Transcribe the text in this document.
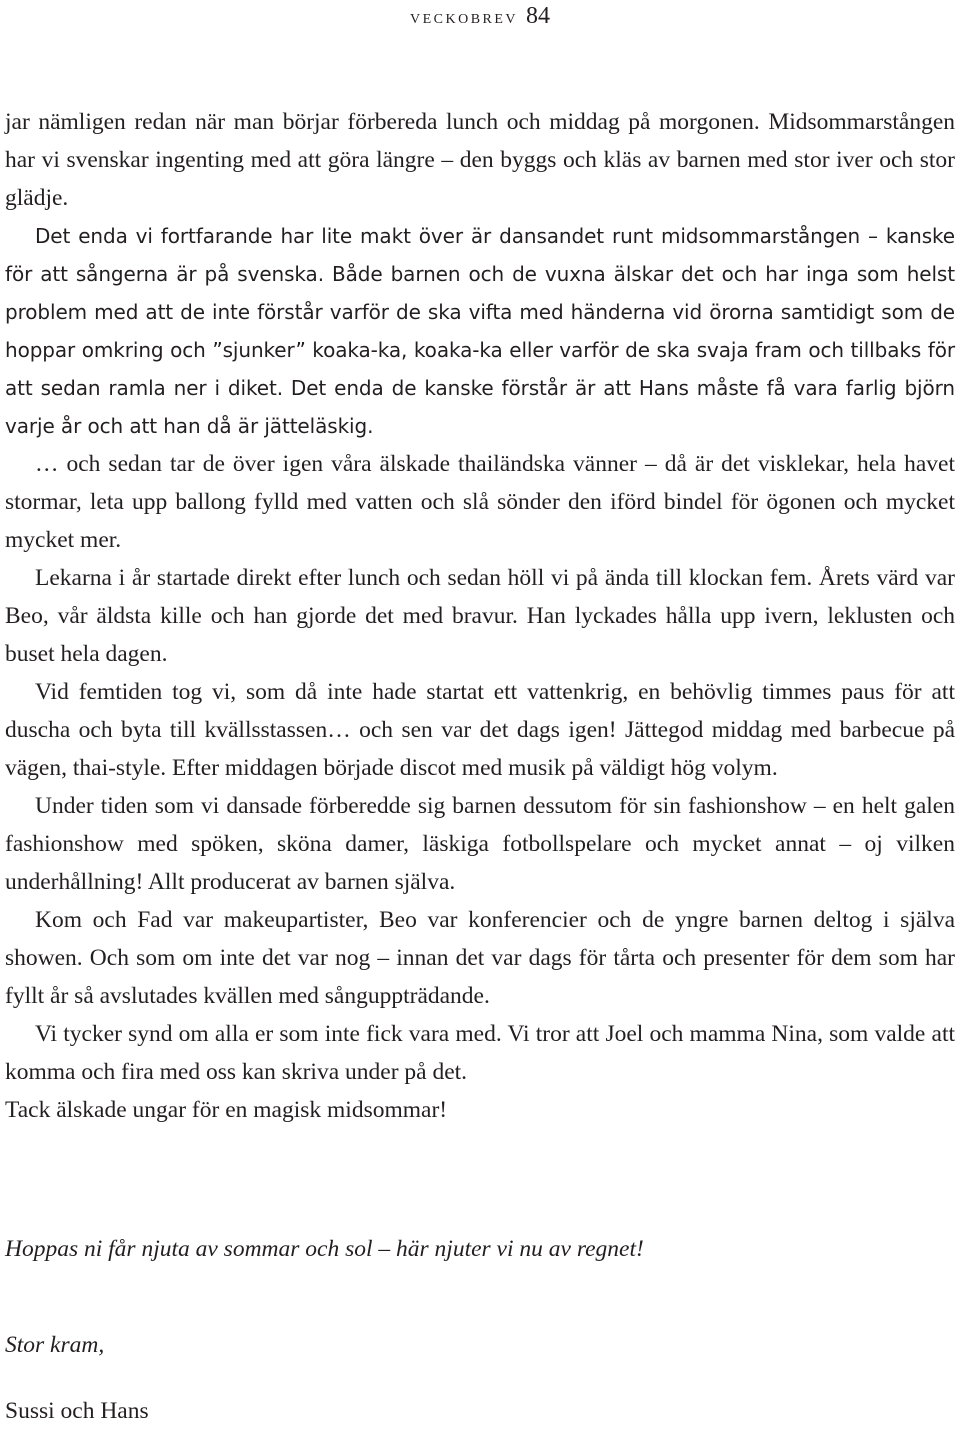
veckobrev 84

jar nämligen redan när man börjar förbereda lunch och middag på morgonen. Midsommarstången har vi svenskar ingenting med att göra längre – den byggs och kläs av barnen med stor iver och stor glädje.

Det enda vi fortfarande har lite makt över är dansandet runt midsommarstången – kanske för att sångerna är på svenska. Både barnen och de vuxna älskar det och har inga som helst problem med att de inte förstår varför de ska vifta med händerna vid örorna samtidigt som de hoppar omkring och ”sjunker” koaka-ka, koaka-ka eller varför de ska svaja fram och tillbaks för att sedan ramla ner i diket. Det enda de kanske förstår är att Hans måste få vara farlig björn varje år och att han då är jätteläskig.

… och sedan tar de över igen våra älskade thailändska vänner – då är det visklekar, hela havet stormar, leta upp ballong fylld med vatten och slå sönder den iförd bindel för ögonen och mycket mycket mer.

Lekarna i år startade direkt efter lunch och sedan höll vi på ända till klockan fem. Årets värd var Beo, vår äldsta kille och han gjorde det med bravur. Han lyckades hålla upp ivern, leklusten och buset hela dagen.

Vid femtiden tog vi, som då inte hade startat ett vattenkrig, en behövlig timmes paus för att duscha och byta till kvällsstassen… och sen var det dags igen! Jättegod middag med barbecue på vägen, thai-style. Efter middagen började discot med musik på väldigt hög volym.

Under tiden som vi dansade förberedde sig barnen dessutom för sin fashionshow – en helt galen fashionshow med spöken, sköna damer, läskiga fotbollspelare och mycket annat – oj vilken underhållning! Allt producerat av barnen själva.

Kom och Fad var makeupartister, Beo var konferencier och de yngre barnen deltog i själva showen. Och som om inte det var nog – innan det var dags för tårta och presenter för dem som har fyllt år så avslutades kvällen med sånguppträdande.

Vi tycker synd om alla er som inte fick vara med. Vi tror att Joel och mamma Nina, som valde att komma och fira med oss kan skriva under på det.

Tack älskade ungar för en magisk midsommar!

Hoppas ni får njuta av sommar och sol – här njuter vi nu av regnet!
Stor kram,
Sussi och Hans
